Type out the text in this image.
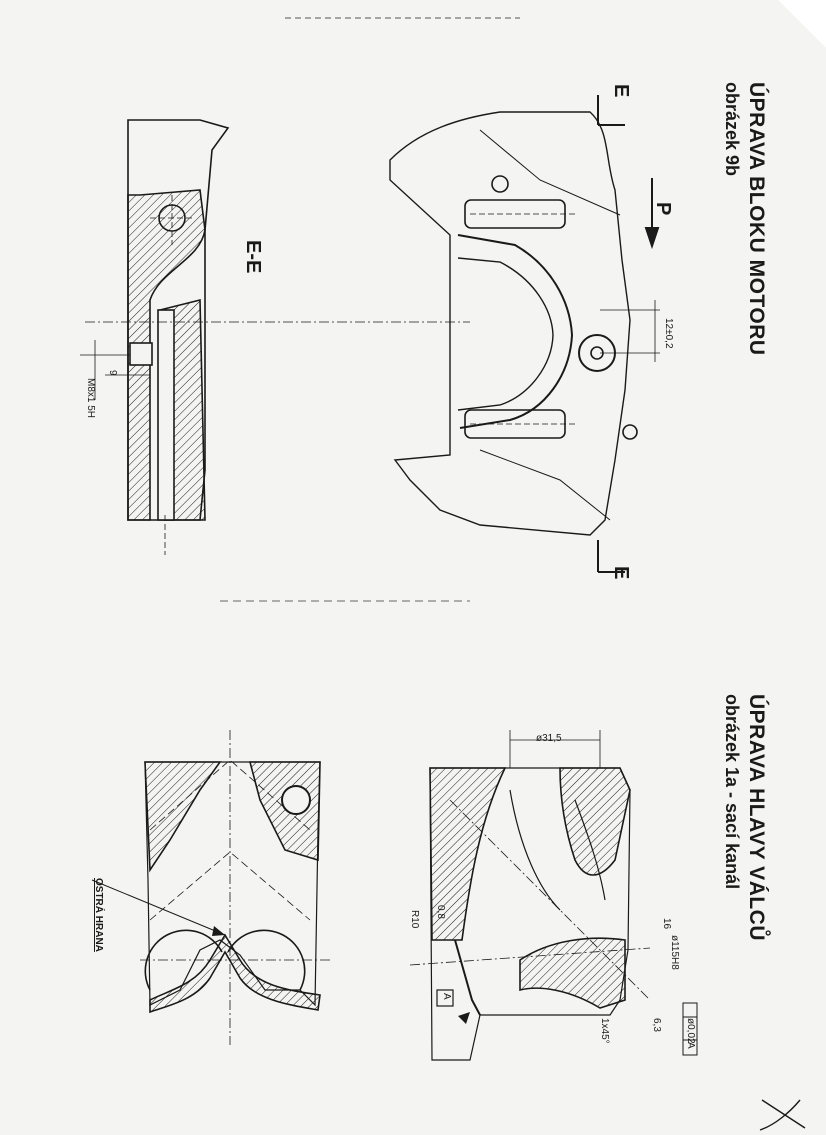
ÚPRAVA BLOKU MOTORU
obrázek 9b
E-E
E
E
P
12±0,2
9
M8x1 5H
ÚPRAVA HLAVY VÁLCŮ
obrázek 1a - sací kanál
ø31,5
ø115H8
ø0,02
A
R10 0,8
16
6,3
1x45°
A
OSTRÁ HRANA
